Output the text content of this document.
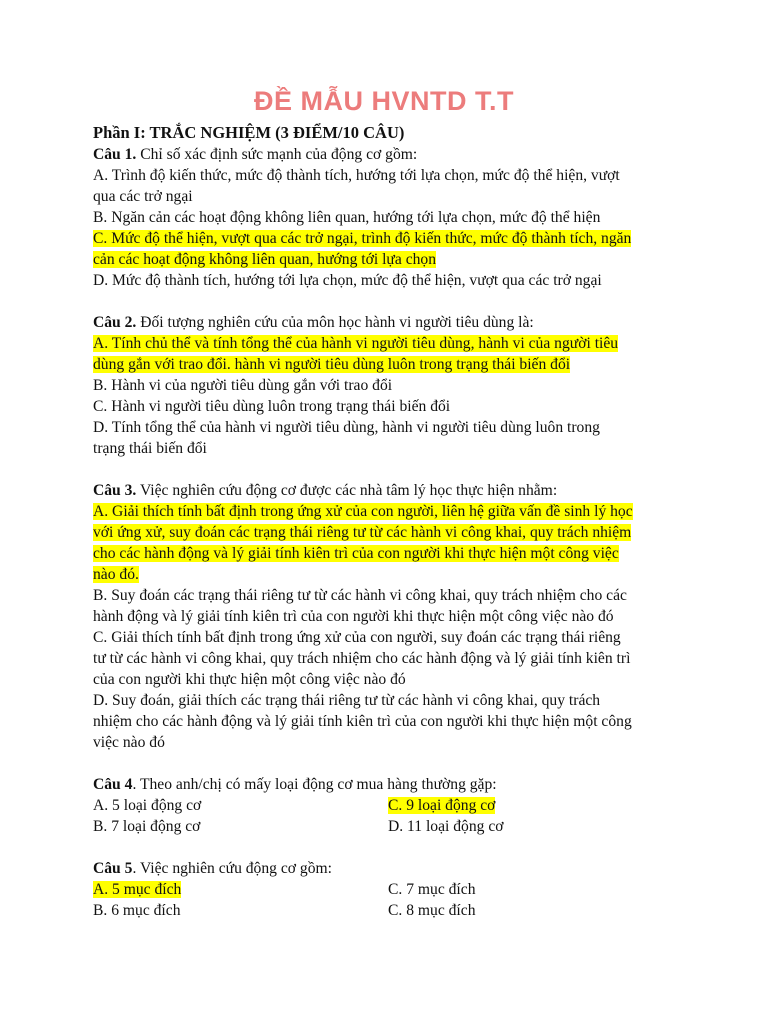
ĐỀ MẪU HVNTD T.T
Phần I: TRẮC NGHIỆM (3 ĐIỂM/10 CÂU)
Câu 1. Chỉ số xác định sức mạnh của động cơ gồm:
A. Trình độ kiến thức, mức độ thành tích, hướng tới lựa chọn, mức độ thể hiện, vượt
qua các trở ngại
B. Ngăn cản các hoạt động không liên quan, hướng tới lựa chọn, mức độ thể hiện
C. Mức độ thể hiện, vượt qua các trở ngại, trình độ kiến thức, mức độ thành tích, ngăn
cản các hoạt động không liên quan, hướng tới lựa chọn
D. Mức độ thành tích, hướng tới lựa chọn, mức độ thể hiện, vượt qua các trở ngại
Câu 2. Đối tượng nghiên cứu của môn học hành vi người tiêu dùng là:
A. Tính chủ thể và tính tổng thể của hành vi người tiêu dùng, hành vi của người tiêu
dùng gắn với trao đổi. hành vi người tiêu dùng luôn trong trạng thái biến đổi
B. Hành vi của người tiêu dùng gắn với trao đổi
C. Hành vi người tiêu dùng luôn trong trạng thái biến đổi
D. Tính tổng thể của hành vi người tiêu dùng, hành vi người tiêu dùng luôn trong
trạng thái biến đổi
Câu 3. Việc nghiên cứu động cơ được các nhà tâm lý học thực hiện nhằm:
A. Giải thích tính bất định trong ứng xử của con người, liên hệ giữa vấn đề sinh lý học
với ứng xử, suy đoán các trạng thái riêng tư từ các hành vi công khai, quy trách nhiệm
cho các hành động và lý giải tính kiên trì của con người khi thực hiện một công việc
nào đó.
B. Suy đoán các trạng thái riêng tư từ các hành vi công khai, quy trách nhiệm cho các
hành động và lý giải tính kiên trì của con người khi thực hiện một công việc nào đó
C. Giải thích tính bất định trong ứng xử của con người, suy đoán các trạng thái riêng
tư từ các hành vi công khai, quy trách nhiệm cho các hành động và lý giải tính kiên trì
của con người khi thực hiện một công việc nào đó
D. Suy đoán, giải thích các trạng thái riêng tư từ các hành vi công khai, quy trách
nhiệm cho các hành động và lý giải tính kiên trì của con người khi thực hiện một công
việc nào đó
Câu 4. Theo anh/chị có mấy loại động cơ mua hàng thường gặp:
A. 5 loại động cơ	C. 9 loại động cơ
B. 7 loại động cơ	D. 11 loại động cơ
Câu 5. Việc nghiên cứu động cơ gồm:
A. 5 mục đích	C. 7 mục đích
B. 6 mục đích	C. 8 mục đích
